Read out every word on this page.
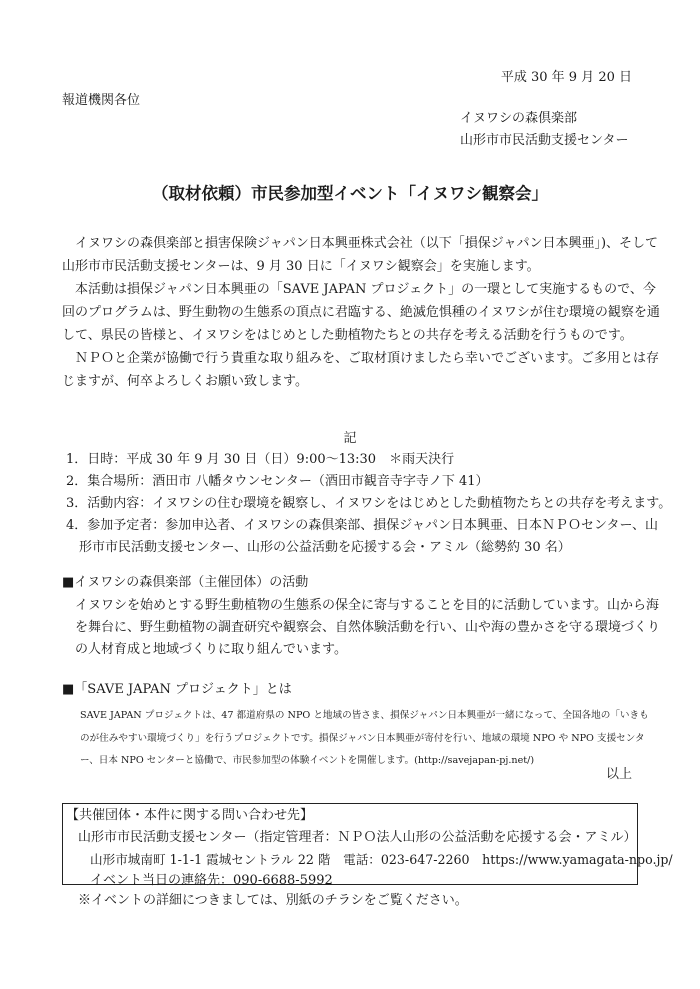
平成 30 年 9 月 20 日
報道機関各位
イヌワシの森倶楽部
山形市市民活動支援センター
（取材依頼）市民参加型イベント「イヌワシ観察会」
　イヌワシの森倶楽部と損害保険ジャパン日本興亜株式会社（以下「損保ジャパン日本興亜」)、そして
山形市市民活動支援センターは、9 月 30 日に「イヌワシ観察会」を実施します。
　本活動は損保ジャパン日本興亜の「SAVE JAPAN プロジェクト」の一環として実施するもので、今
回のプログラムは、野生動物の生態系の頂点に君臨する、絶滅危惧種のイヌワシが住む環境の観察を通
して、県民の皆様と、イヌワシをはじめとした動植物たちとの共存を考える活動を行うものです。
　ＮＰＯと企業が協働で行う貴重な取り組みを、ご取材頂けましたら幸いでございます。ご多用とは存
じますが、何卒よろしくお願い致します。
記
1．日時：平成 30 年 9 月 30 日（日）9:00～13:30　＊雨天決行
2．集合場所：酒田市 八幡タウンセンター（酒田市観音寺字寺ノ下 41）
3．活動内容：イヌワシの住む環境を観察し、イヌワシをはじめとした動植物たちとの共存を考えます。
4．参加予定者：参加申込者、イヌワシの森倶楽部、損保ジャパン日本興亜、日本ＮＰＯセンター、山
　形市市民活動支援センター、山形の公益活動を応援する会・アミル（総勢約 30 名）
■イヌワシの森倶楽部（主催団体）の活動
　イヌワシを始めとする野生動植物の生態系の保全に寄与することを目的に活動しています。山から海
　を舞台に、野生動植物の調査研究や観察会、自然体験活動を行い、山や海の豊かさを守る環境づくり
　の人材育成と地域づくりに取り組んでいます。
■「SAVE JAPAN プロジェクト」とは
SAVE JAPAN プロジェクトは、47 都道府県の NPO と地域の皆さま、損保ジャパン日本興亜が一緒になって、全国各地の「いきも
のが住みやすい環境づくり」を行うプロジェクトです。損保ジャパン日本興亜が寄付を行い、地域の環境 NPO や NPO 支援センタ
ー、日本 NPO センターと協働で、市民参加型の体験イベントを開催します。(http://savejapan-pj.net/)
以上
【共催団体・本件に関する問い合わせ先】
山形市市民活動支援センター（指定管理者：ＮＰＯ法人山形の公益活動を応援する会・アミル）
山形市城南町 1-1-1 霞城セントラル 22 階　電話：023-647-2260　https://www.yamagata-npo.jp/
イベント当日の連絡先：090-6688-5992
※イベントの詳細につきましては、別紙のチラシをご覧ください。
